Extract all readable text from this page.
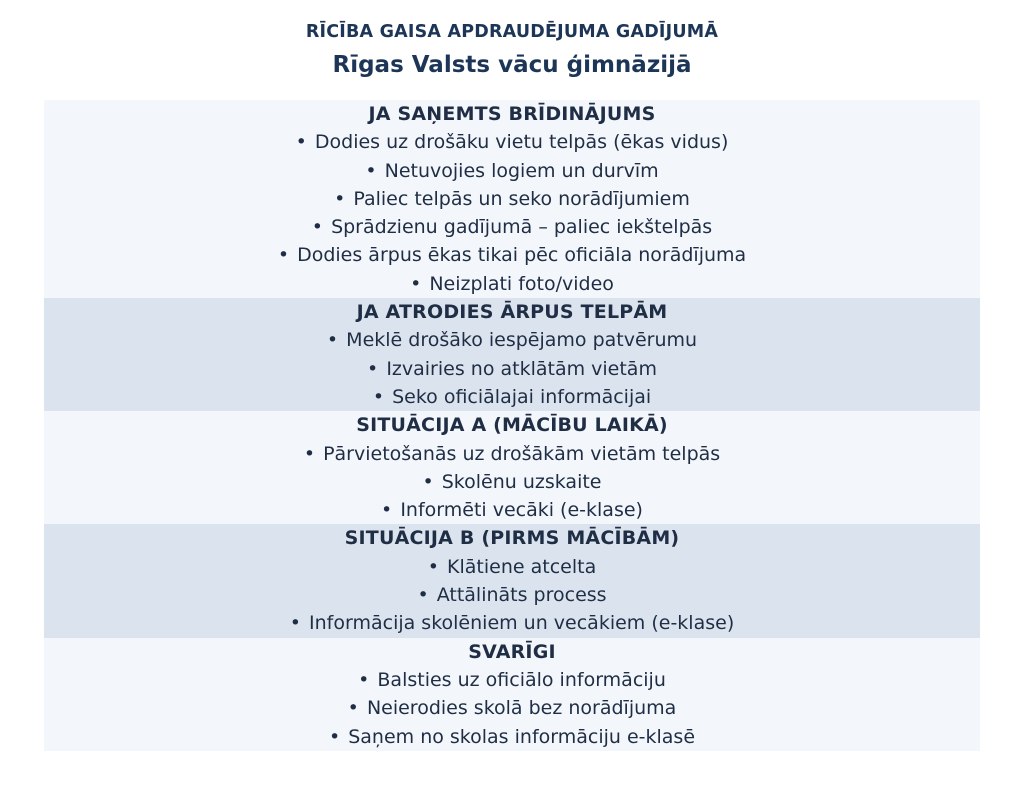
RĪCĪBA GAISA APDRAUDĒJUMA GADĪJUMĀ
Rīgas Valsts vācu ģimnāzijā
JA SAŅEMTS BRĪDINĀJUMS
• Dodies uz drošāku vietu telpās (ēkas vidus)
• Netuvojies logiem un durvīm
• Paliec telpās un seko norādījumiem
• Sprādzienu gadījumā – paliec iekštelpās
• Dodies ārpus ēkas tikai pēc oficiāla norādījuma
• Neizplati foto/video
JA ATRODIES ĀRPUS TELPĀM
• Meklē drošāko iespējamo patvērumu
• Izvairies no atklātām vietām
• Seko oficiālajai informācijai
SITUĀCIJA A (MĀCĪBU LAIKĀ)
• Pārvietošanās uz drošākām vietām telpās
• Skolēnu uzskaite
• Informēti vecāki (e-klase)
SITUĀCIJA B (PIRMS MĀCĪBĀM)
• Klātiene atcelta
• Attālināts process
• Informācija skolēniem un vecākiem (e-klase)
SVARĪGI
• Balsties uz oficiālo informāciju
• Neierodies skolā bez norādījuma
• Saņem no skolas informāciju e-klasē
